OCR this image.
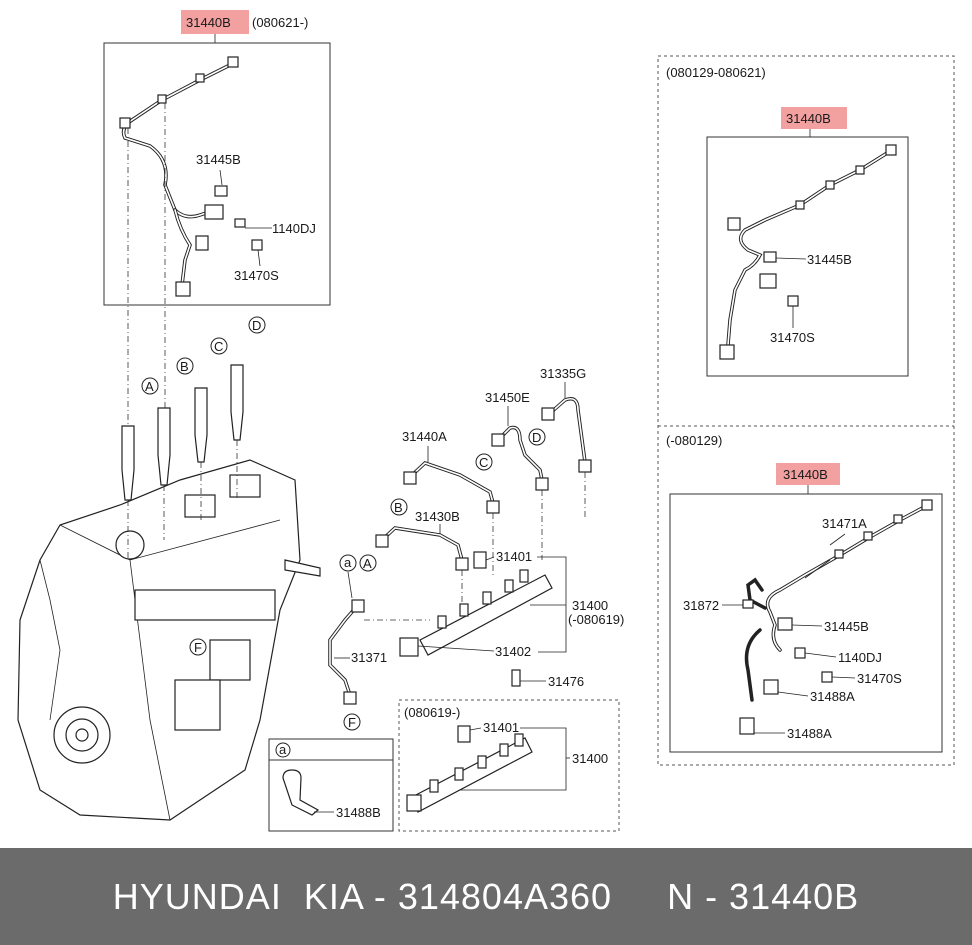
31440B (080621-)
31445B
1140DJ
31470S
(080129-080621)
31440B
31445B
31470S
(-080129)
31440B
31471A
31872
31445B
1140DJ
31470S
31488A
31488A
A
B
C
D
F
31335G
D
31450E
C
31440A
B
31430B
A
a
31371
F
31401
31400
(-080619)
31402
31476
(080619-)
31401
31400
a
31488B
HYUNDAI  KIA - 314804A360     N - 31440B
